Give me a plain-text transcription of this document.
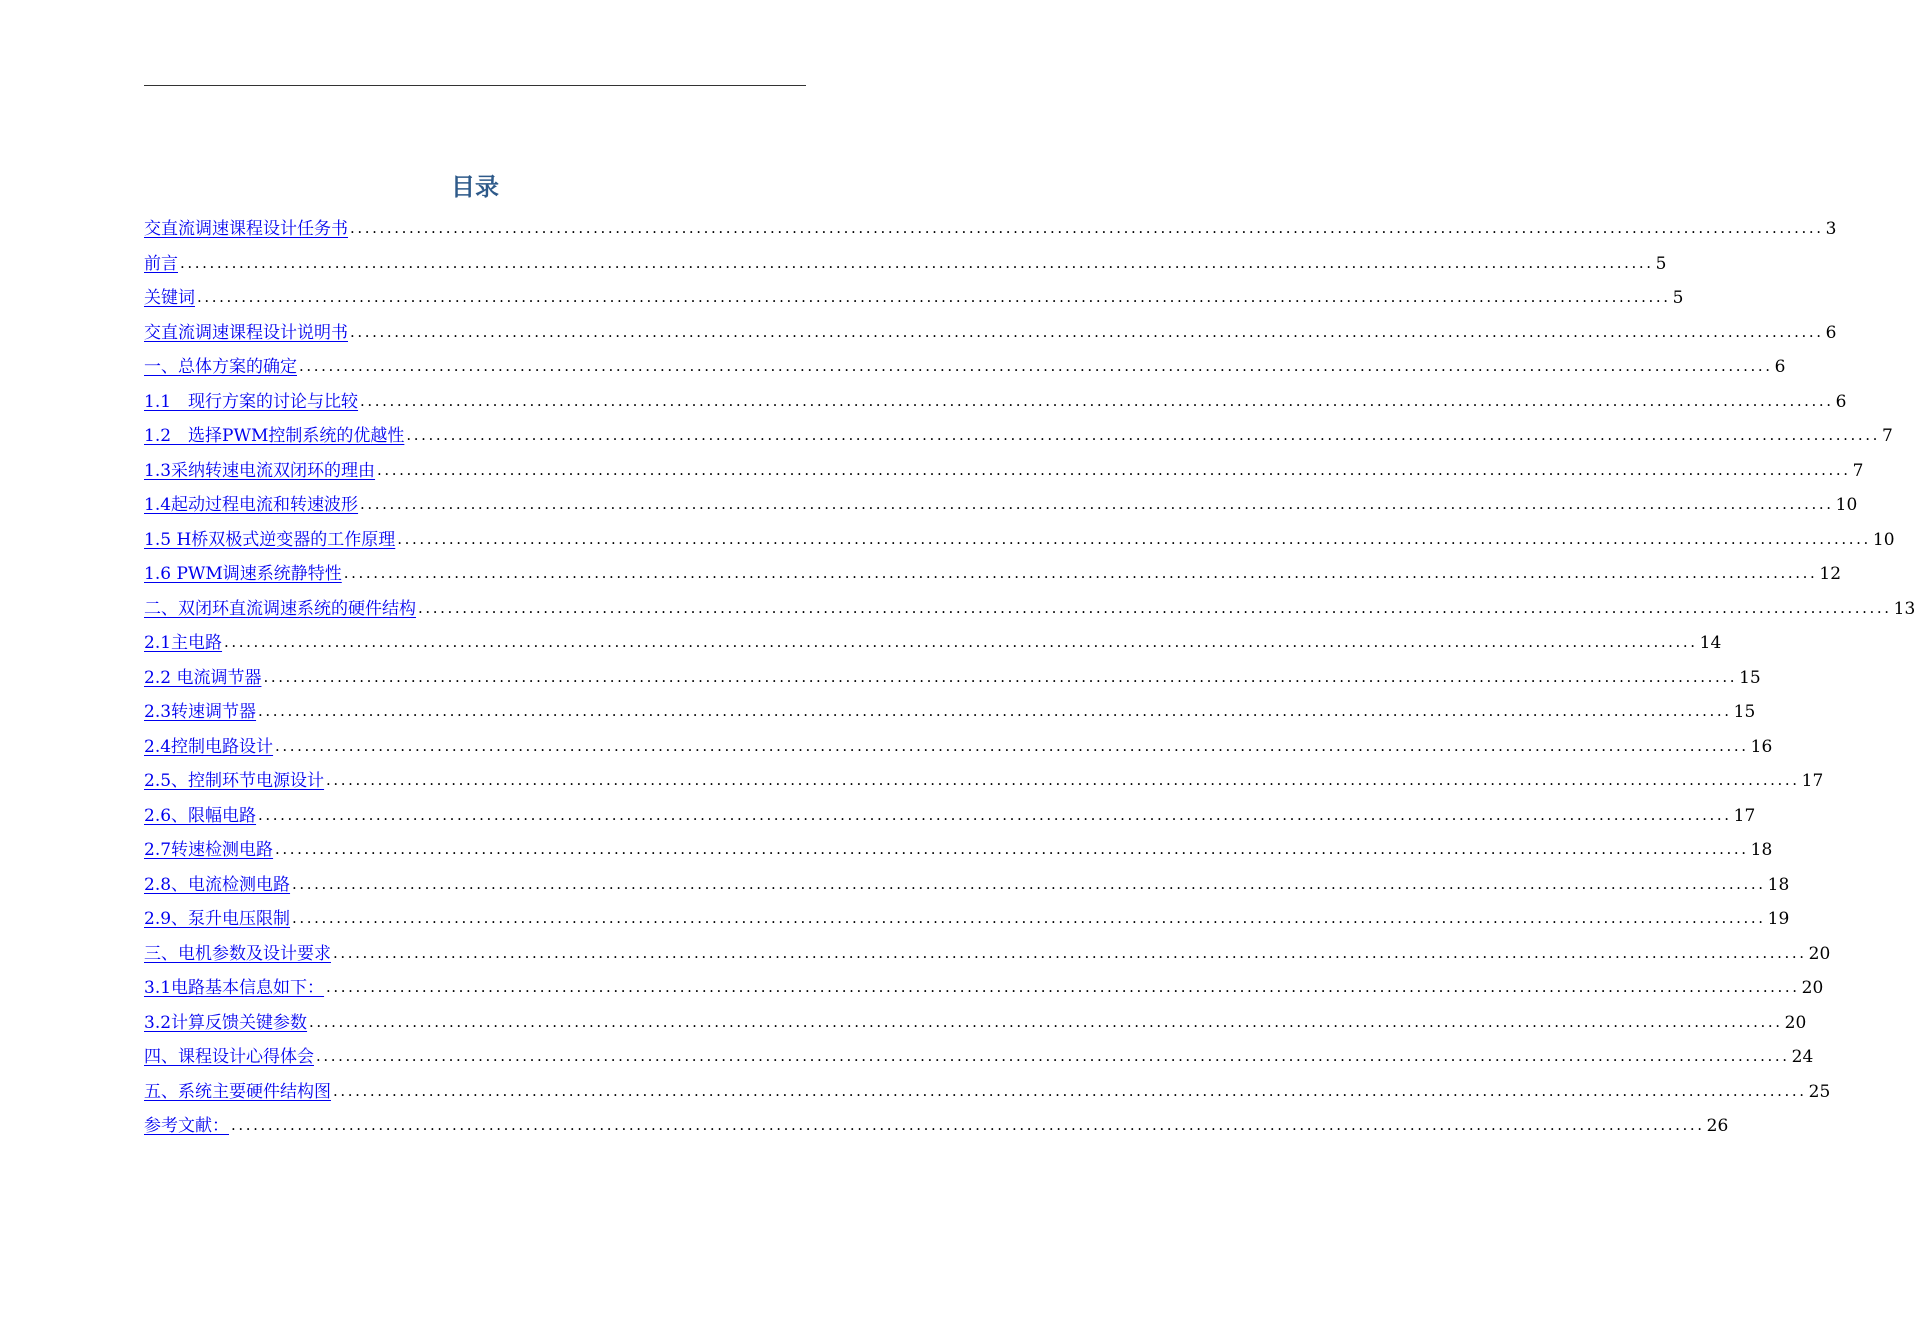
目录
交直流调速课程设计任务书 ........................................................................................................................................................................................................ 3
前言 ........................................................................................................................................................................................................ 5
关键词 ........................................................................................................................................................................................................ 5
交直流调速课程设计说明书 ........................................................................................................................................................................................................ 6
一、总体方案的确定 ........................................................................................................................................................................................................ 6
1.1　现行方案的讨论与比较 ........................................................................................................................................................................................................ 6
1.2　选择PWM控制系统的优越性 ........................................................................................................................................................................................................ 7
1.3采纳转速电流双闭环的理由 ........................................................................................................................................................................................................ 7
1.4起动过程电流和转速波形 ........................................................................................................................................................................................................ 10
1.5 H桥双极式逆变器的工作原理 ........................................................................................................................................................................................................ 10
1.6 PWM调速系统静特性 ........................................................................................................................................................................................................ 12
二、双闭环直流调速系统的硬件结构 ........................................................................................................................................................................................................ 13
2.1主电路 ........................................................................................................................................................................................................ 14
2.2 电流调节器 ........................................................................................................................................................................................................ 15
2.3转速调节器 ........................................................................................................................................................................................................ 15
2.4控制电路设计 ........................................................................................................................................................................................................ 16
2.5、控制环节电源设计 ........................................................................................................................................................................................................ 17
2.6、限幅电路 ........................................................................................................................................................................................................ 17
2.7转速检测电路 ........................................................................................................................................................................................................ 18
2.8、电流检测电路 ........................................................................................................................................................................................................ 18
2.9、泵升电压限制 ........................................................................................................................................................................................................ 19
三、电机参数及设计要求 ........................................................................................................................................................................................................ 20
3.1电路基本信息如下： ........................................................................................................................................................................................................ 20
3.2计算反馈关键参数 ........................................................................................................................................................................................................ 20
四、课程设计心得体会 ........................................................................................................................................................................................................ 24
五、系统主要硬件结构图 ........................................................................................................................................................................................................ 25
参考文献： ........................................................................................................................................................................................................ 26
